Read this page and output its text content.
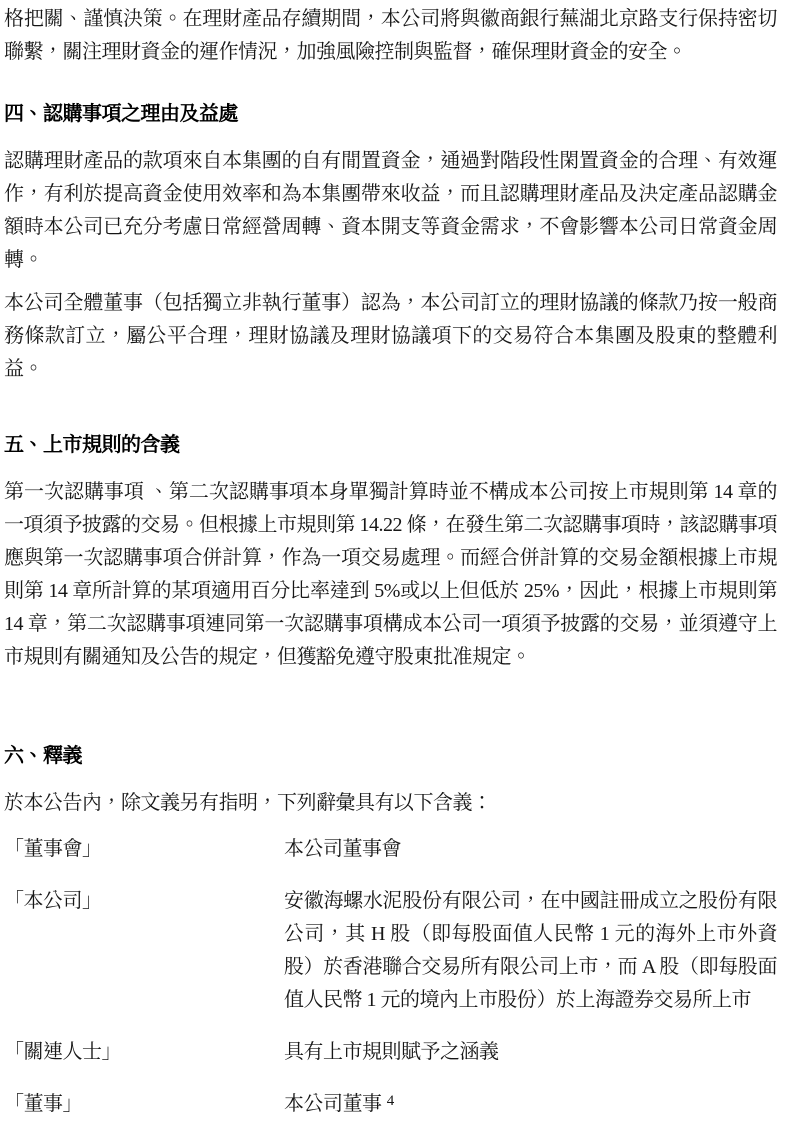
格把關、謹慎決策。在理財產品存續期間，本公司將與徽商銀行蕪湖北京路支行保持密切聯繫，關注理財資金的運作情況，加強風險控制與監督，確保理財資金的安全。

四、認購事項之理由及益處

認購理財產品的款項來自本集團的自有閒置資金，通過對階段性閑置資金的合理、有效運作，有利於提高資金使用效率和為本集團帶來收益，而且認購理財產品及決定產品認購金額時本公司已充分考慮日常經營周轉、資本開支等資金需求，不會影響本公司日常資金周轉。

本公司全體董事（包括獨立非執行董事）認為，本公司訂立的理財協議的條款乃按一般商務條款訂立，屬公平合理，理財協議及理財協議項下的交易符合本集團及股東的整體利益。

五、上市規則的含義

第一次認購事項 、第二次認購事項本身單獨計算時並不構成本公司按上市規則第 14 章的一項須予披露的交易。但根據上市規則第 14.22 條，在發生第二次認購事項時，該認購事項應與第一次認購事項合併計算，作為一項交易處理。而經合併計算的交易金額根據上市規則第 14 章所計算的某項適用百分比率達到 5%或以上但低於 25%，因此，根據上市規則第 14 章，第二次認購事項連同第一次認購事項構成本公司一項須予披露的交易，並須遵守上市規則有關通知及公告的規定，但獲豁免遵守股東批准規定。

六、釋義

於本公告內，除文義另有指明，下列辭彙具有以下含義：

「董事會」	本公司董事會
「本公司」	安徽海螺水泥股份有限公司，在中國註冊成立之股份有限公司，其 H 股（即每股面值人民幣 1 元的海外上市外資股）於香港聯合交易所有限公司上市，而 A 股（即每股面值人民幣 1 元的境內上市股份）於上海證券交易所上市
「關連人士」	具有上市規則賦予之涵義
「董事」	本公司董事 4
